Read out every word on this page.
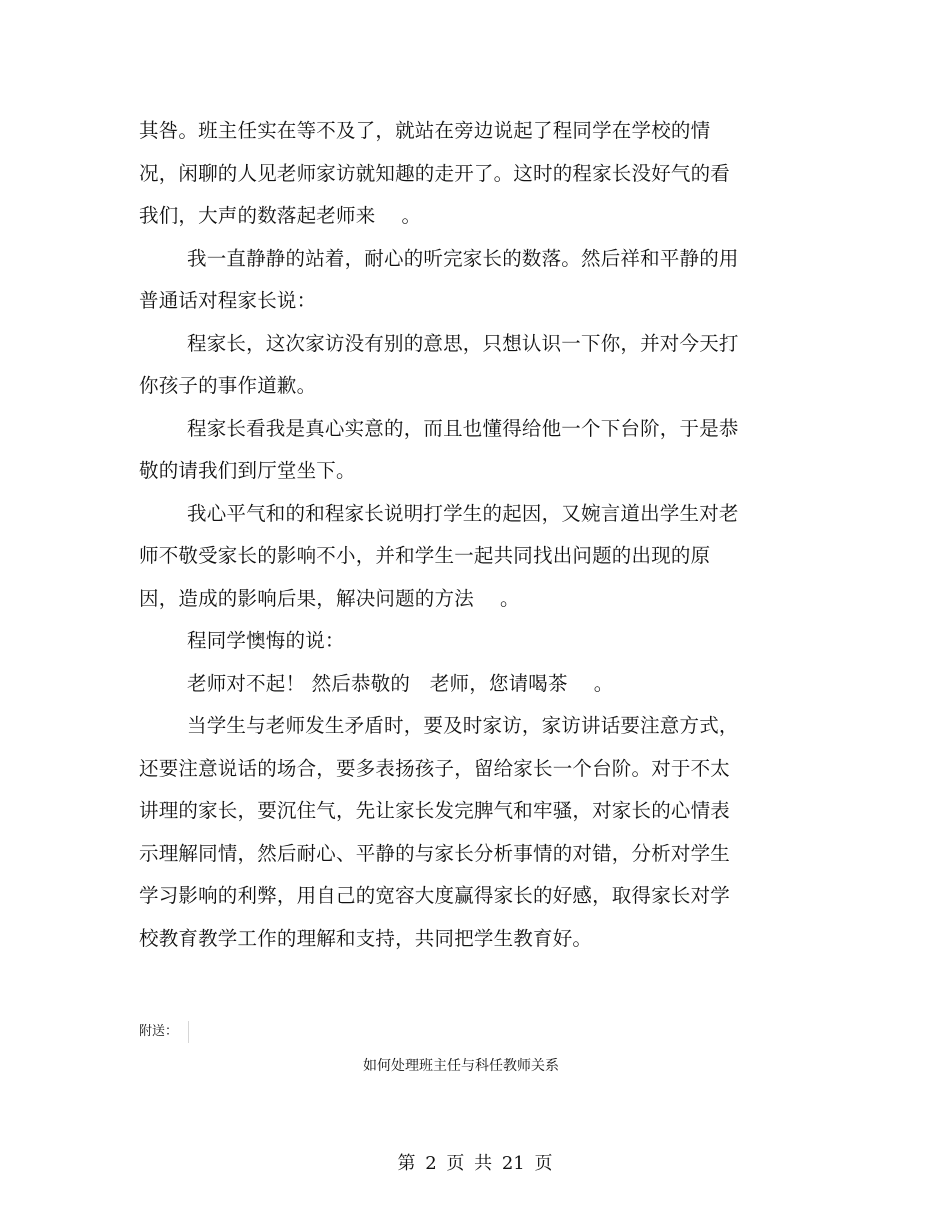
其咎。班主任实在等不及了，就站在旁边说起了程同学在学校的情
况，闲聊的人见老师家访就知趣的走开了。这时的程家长没好气的看
我们，大声的数落起老师来　 。
我一直静静的站着，耐心的听完家长的数落。然后祥和平静的用
普通话对程家长说：
程家长，这次家访没有别的意思，只想认识一下你，并对今天打
你孩子的事作道歉。
程家长看我是真心实意的，而且也懂得给他一个下台阶，于是恭
敬的请我们到厅堂坐下。
我心平气和的和程家长说明打学生的起因，又婉言道出学生对老
师不敬受家长的影响不小，并和学生一起共同找出问题的出现的原
因，造成的影响后果，解决问题的方法　 。
程同学懊悔的说：
老师对不起！ 然后恭敬的　老师，您请喝茶　 。
当学生与老师发生矛盾时，要及时家访，家访讲话要注意方式，
还要注意说话的场合，要多表扬孩子，留给家长一个台阶。对于不太
讲理的家长，要沉住气，先让家长发完脾气和牢骚，对家长的心情表
示理解同情，然后耐心、平静的与家长分析事情的对错，分析对学生
学习影响的利弊，用自己的宽容大度赢得家长的好感，取得家长对学
校教育教学工作的理解和支持，共同把学生教育好。
附送：
如何处理班主任与科任教师关系
第 2 页 共 21 页
